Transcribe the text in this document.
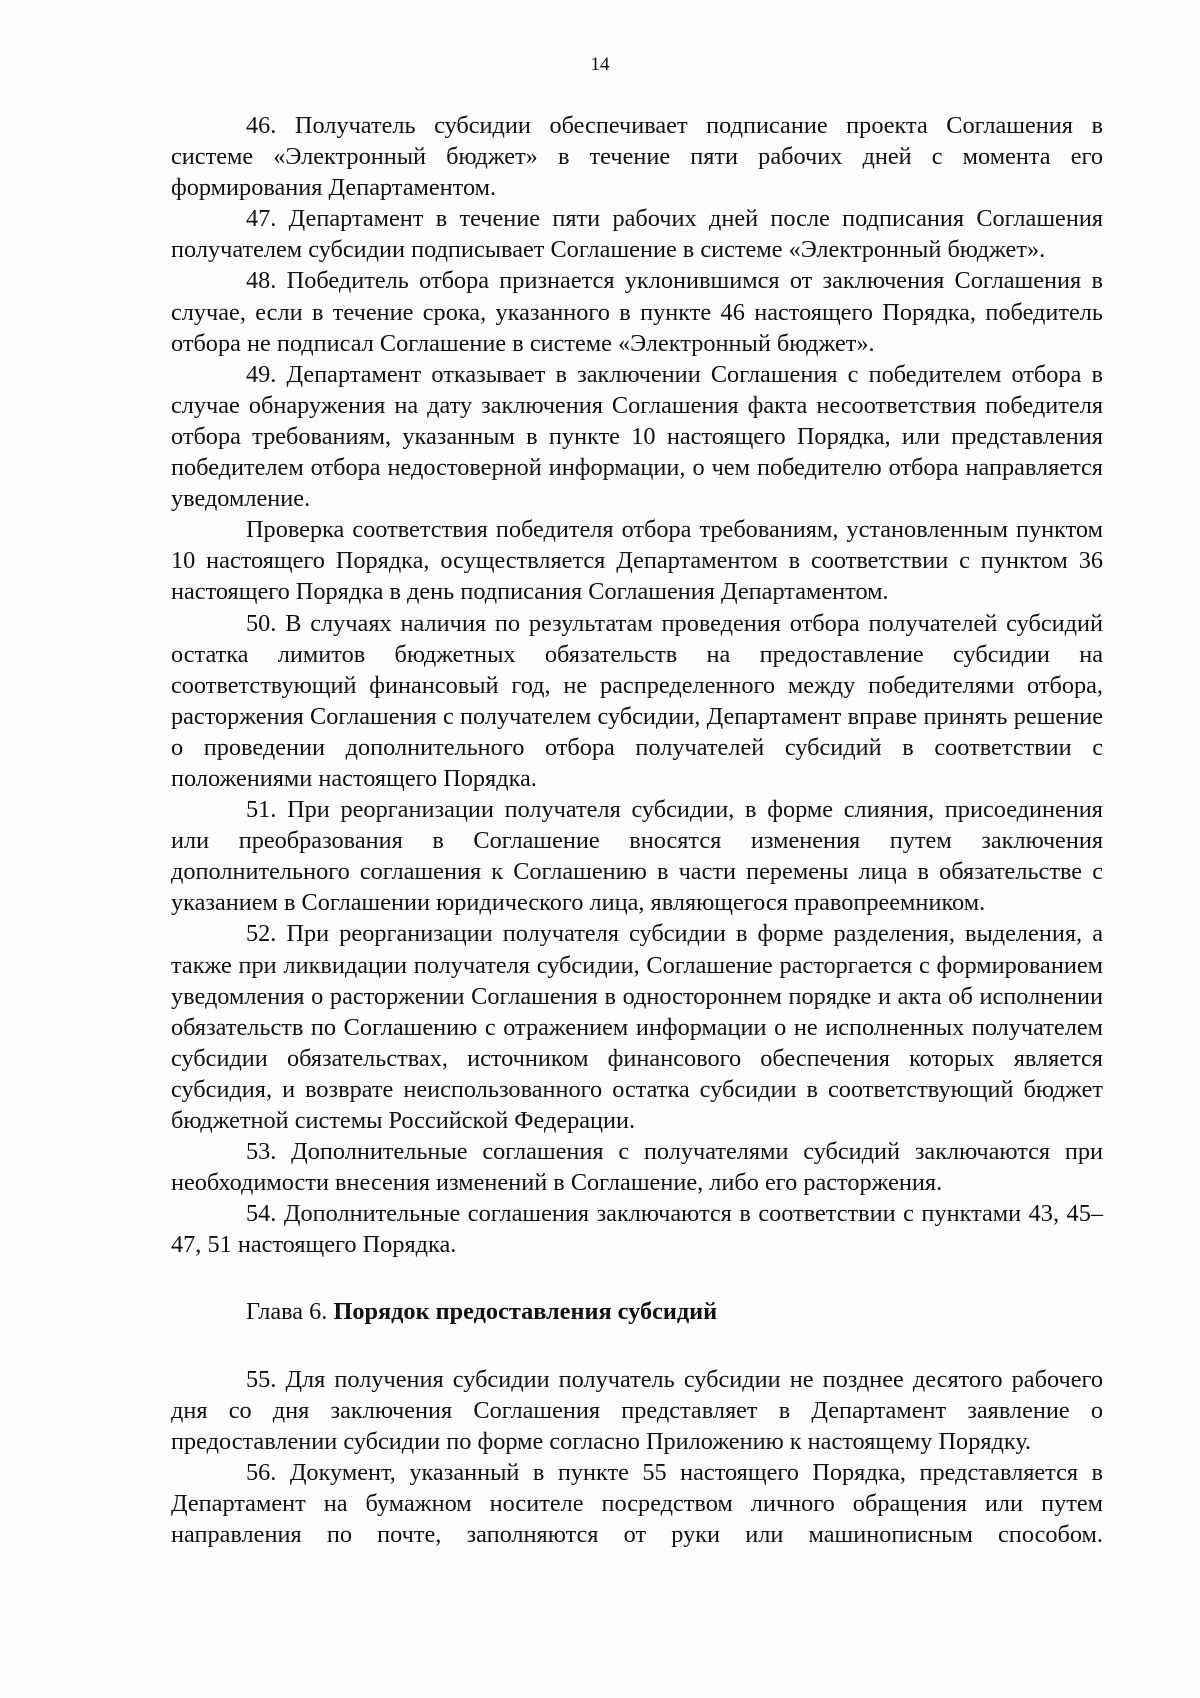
14

46. Получатель субсидии обеспечивает подписание проекта Соглашения в системе «Электронный бюджет» в течение пяти рабочих дней с момента его формирования Департаментом.

47. Департамент в течение пяти рабочих дней после подписания Соглашения получателем субсидии подписывает Соглашение в системе «Электронный бюджет».

48. Победитель отбора признается уклонившимся от заключения Соглашения в случае, если в течение срока, указанного в пункте 46 настоящего Порядка, победитель отбора не подписал Соглашение в системе «Электронный бюджет».

49. Департамент отказывает в заключении Соглашения с победителем отбора в случае обнаружения на дату заключения Соглашения факта несоответствия победителя отбора требованиям, указанным в пункте 10 настоящего Порядка, или представления победителем отбора недостоверной информации, о чем победителю отбора направляется уведомление.

Проверка соответствия победителя отбора требованиям, установленным пунктом 10 настоящего Порядка, осуществляется Департаментом в соответствии с пунктом 36 настоящего Порядка в день подписания Соглашения Департаментом.

50. В случаях наличия по результатам проведения отбора получателей субсидий остатка лимитов бюджетных обязательств на предоставление субсидии на соответствующий финансовый год, не распределенного между победителями отбора, расторжения Соглашения с получателем субсидии, Департамент вправе принять решение о проведении дополнительного отбора получателей субсидий в соответствии с положениями настоящего Порядка.

51. При реорганизации получателя субсидии, в форме слияния, присоединения или преобразования в Соглашение вносятся изменения путем заключения дополнительного соглашения к Соглашению в части перемены лица в обязательстве с указанием в Соглашении юридического лица, являющегося правопреемником.

52. При реорганизации получателя субсидии в форме разделения, выделения, а также при ликвидации получателя субсидии, Соглашение расторгается с формированием уведомления о расторжении Соглашения в одностороннем порядке и акта об исполнении обязательств по Соглашению с отражением информации о не исполненных получателем субсидии обязательствах, источником финансового обеспечения которых является субсидия, и возврате неиспользованного остатка субсидии в соответствующий бюджет бюджетной системы Российской Федерации.

53. Дополнительные соглашения с получателями субсидий заключаются при необходимости внесения изменений в Соглашение, либо его расторжения.

54. Дополнительные соглашения заключаются в соответствии с пунктами 43, 45–47, 51 настоящего Порядка.

Глава 6. Порядок предоставления субсидий

55. Для получения субсидии получатель субсидии не позднее десятого рабочего дня со дня заключения Соглашения представляет в Департамент заявление о предоставлении субсидии по форме согласно Приложению к настоящему Порядку.

56. Документ, указанный в пункте 55 настоящего Порядка, представляется в Департамент на бумажном носителе посредством личного обращения или путем направления по почте, заполняются от руки или машинописным способом.
